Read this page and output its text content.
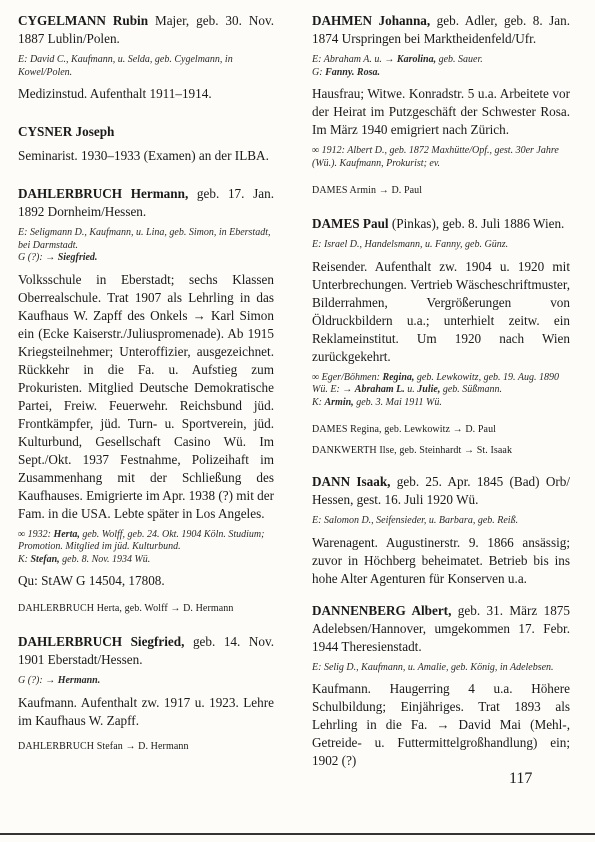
CYGELMANN Rubin Majer, geb. 30. Nov. 1887 Lublin/Polen.

E: David C., Kaufmann, u. Selda, geb. Cygelmann, in Kowel/Polen.

Medizinstud. Aufenthalt 1911–1914.

CYSNER Joseph

Seminarist. 1930–1933 (Examen) an der ILBA.

DAHLERBRUCH Hermann, geb. 17. Jan. 1892 Dornheim/Hessen.

E: Seligmann D., Kaufmann, u. Lina, geb. Simon, in Eberstadt, bei Darmstadt.

G (?): → Siegfried.

Volksschule in Eberstadt; sechs Klassen Oberrealschule. Trat 1907 als Lehrling in das Kaufhaus W. Zapff des Onkels → Karl Simon ein (Ecke Kaiserstr./Juliuspromenade). Ab 1915 Kriegsteilnehmer; Unteroffizier, ausgezeichnet. Rückkehr in die Fa. u. Aufstieg zum Prokuristen. Mitglied Deutsche Demokratische Partei, Freiw. Feuerwehr. Reichsbund jüd. Frontkämpfer, jüd. Turn- u. Sportverein, jüd. Kulturbund, Gesellschaft Casino Wü. Im Sept./Okt. 1937 Festnahme, Polizeihaft im Zusammenhang mit der Schließung des Kaufhauses. Emigrierte im Apr. 1938 (?) mit der Fam. in die USA. Lebte später in Los Angeles.

∞ 1932: Herta, geb. Wolff, geb. 24. Okt. 1904 Köln. Studium; Promotion. Mitglied im jüd. Kulturbund.

K: Stefan, geb. 8. Nov. 1934 Wü.

Qu: StAW G 14504, 17808.

DAHLERBRUCH Herta, geb. Wolff → D. Hermann

DAHLERBRUCH Siegfried, geb. 14. Nov. 1901 Eberstadt/Hessen.

G (?): → Hermann.

Kaufmann. Aufenthalt zw. 1917 u. 1923. Lehre im Kaufhaus W. Zapff.

DAHLERBRUCH Stefan → D. Hermann

DAHMEN Johanna, geb. Adler, geb. 8. Jan. 1874 Urspringen bei Marktheidenfeld/Ufr.

E: Abraham A. u. → Karolina, geb. Sauer.

G: Fanny. Rosa.

Hausfrau; Witwe. Konradstr. 5 u.a. Arbeitete vor der Heirat im Putzgeschäft der Schwester Rosa. Im März 1940 emigriert nach Zürich.

∞ 1912: Albert D., geb. 1872 Maxhütte/Opf., gest. 30er Jahre (Wü.). Kaufmann, Prokurist; ev.

DAMES Armin → D. Paul

DAMES Paul (Pinkas), geb. 8. Juli 1886 Wien.

E: Israel D., Handelsmann, u. Fanny, geb. Günz.

Reisender. Aufenthalt zw. 1904 u. 1920 mit Unterbrechungen. Vertrieb Wäscheschriftmuster, Bilderrahmen, Vergrößerungen von Öldruckbildern u.a.; unterhielt zeitw. ein Reklameinstitut. Um 1920 nach Wien zurückgekehrt.

∞ Eger/Böhmen: Regina, geb. Lewkowitz, geb. 19. Aug. 1890 Wü. E: → Abraham L. u. Julie, geb. Süßmann.

K: Armin, geb. 3. Mai 1911 Wü.

DAMES Regina, geb. Lewkowitz → D. Paul

DANKWERTH Ilse, geb. Steinhardt → St. Isaak

DANN Isaak, geb. 25. Apr. 1845 (Bad) Orb/ Hessen, gest. 16. Juli 1920 Wü.

E: Salomon D., Seifensieder, u. Barbara, geb. Reiß.

Warenagent. Augustinerstr. 9. 1866 ansässig; zuvor in Höchberg beheimatet. Betrieb bis ins hohe Alter Agenturen für Konserven u.a.

DANNENBERG Albert, geb. 31. März 1875 Adelebsen/Hannover, umgekommen 17. Febr. 1944 Theresienstadt.

E: Selig D., Kaufmann, u. Amalie, geb. König, in Adelebsen.

Kaufmann. Haugerring 4 u.a. Höhere Schulbildung; Einjähriges. Trat 1893 als Lehrling in die Fa. → David Mai (Mehl-, Getreide- u. Futtermittelgroßhandlung) ein; 1902 (?)

117
